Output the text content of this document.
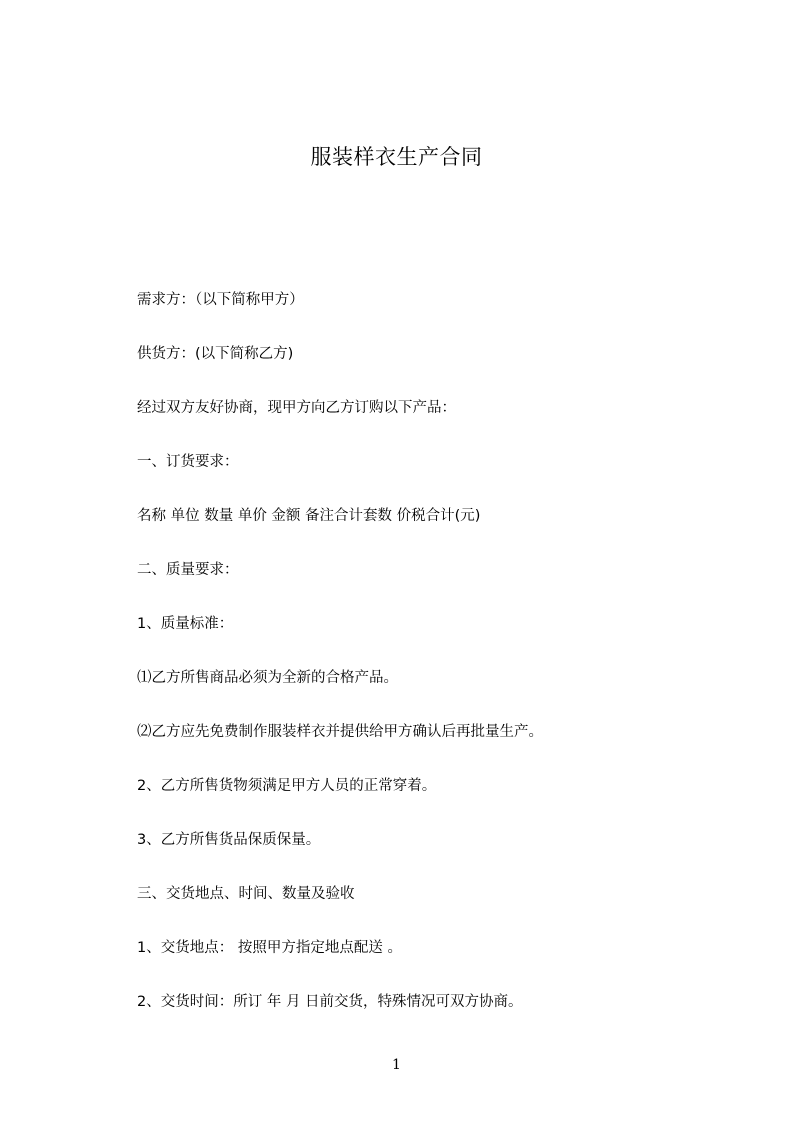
服装样衣生产合同
需求方：（以下简称甲方）
供货方：(以下简称乙方)
经过双方友好协商，现甲方向乙方订购以下产品：
一、订货要求：
名称 单位 数量 单价 金额 备注合计套数 价税合计(元)
二、质量要求：
1、质量标准：
⑴乙方所售商品必须为全新的合格产品。
⑵乙方应先免费制作服装样衣并提供给甲方确认后再批量生产。
2、乙方所售货物须满足甲方人员的正常穿着。
3、乙方所售货品保质保量。
三、交货地点、时间、数量及验收
1、交货地点： 按照甲方指定地点配送 。
2、交货时间：所订 年 月 日前交货，特殊情况可双方协商。
1
